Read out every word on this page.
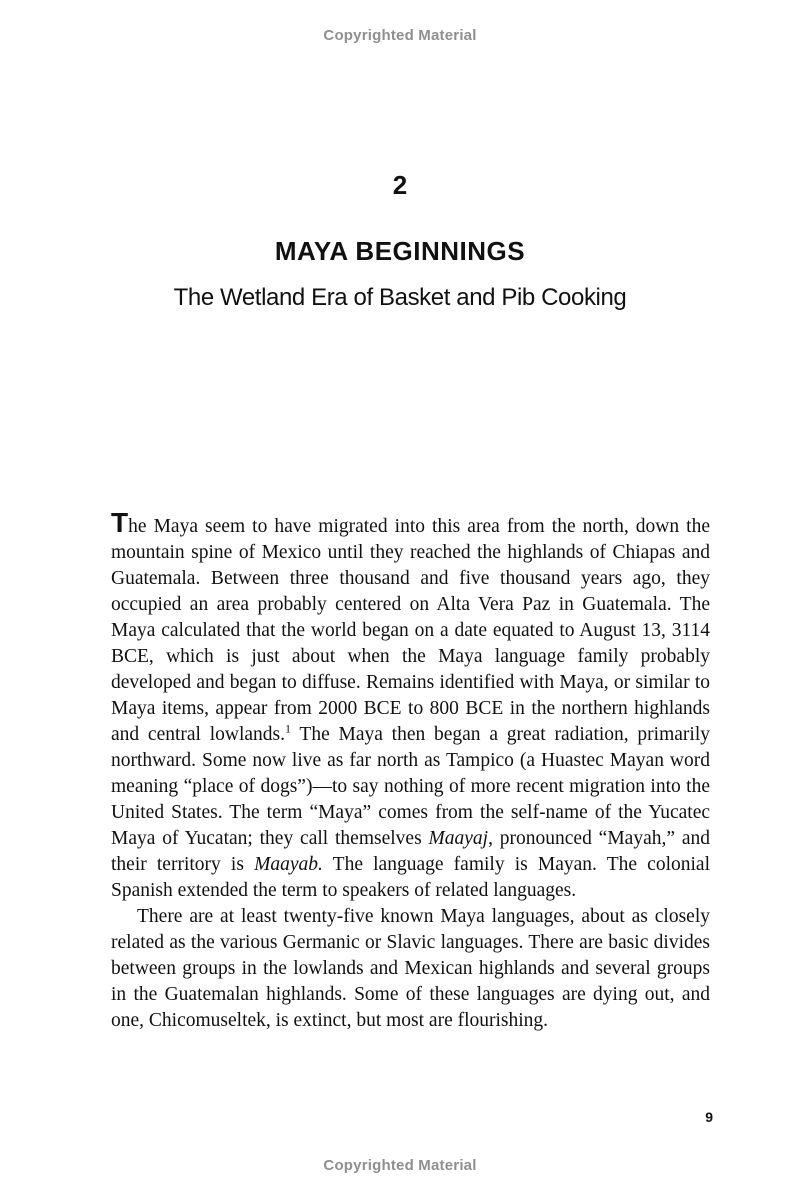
Copyrighted Material
2
MAYA BEGINNINGS
The Wetland Era of Basket and Pib Cooking

The Maya seem to have migrated into this area from the north, down the mountain spine of Mexico until they reached the highlands of Chiapas and Guatemala. Between three thousand and five thousand years ago, they occupied an area probably centered on Alta Vera Paz in Guatemala. The Maya calculated that the world began on a date equated to August 13, 3114 BCE, which is just about when the Maya language family probably developed and began to diffuse. Remains identified with Maya, or similar to Maya items, appear from 2000 BCE to 800 BCE in the northern highlands and central lowlands.$^1$ The Maya then began a great radiation, primarily northward. Some now live as far north as Tampico (a Huastec Mayan word meaning “place of dogs”)—to say nothing of more recent migration into the United States. The term “Maya” comes from the self-name of the Yucatec Maya of Yucatan; they call themselves Maayaj, pronounced “Mayah,” and their territory is Maayab. The language family is Mayan. The colonial Spanish extended the term to speakers of related languages.

There are at least twenty-five known Maya languages, about as closely related as the various Germanic or Slavic languages. There are basic divides between groups in the lowlands and Mexican highlands and several groups in the Guatemalan highlands. Some of these languages are dying out, and one, Chicomuseltek, is extinct, but most are flourishing.

9
Copyrighted Material
